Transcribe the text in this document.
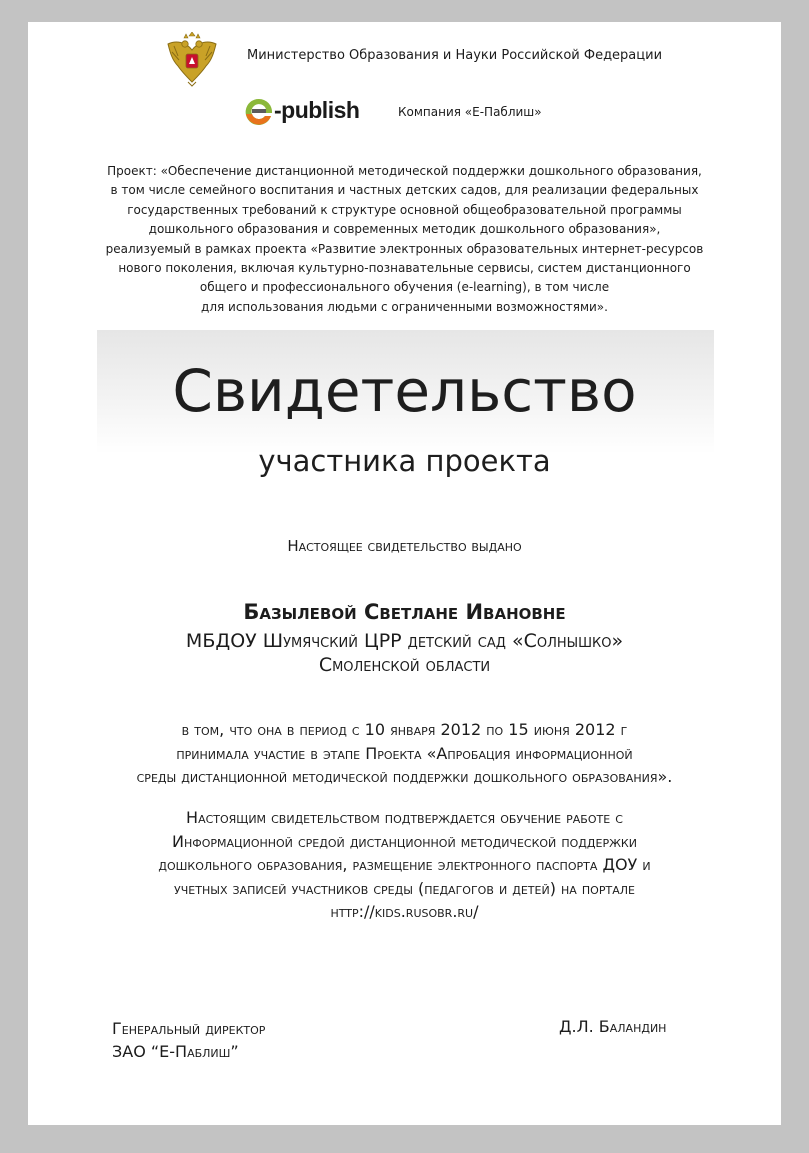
Министерство Образования и Науки Российской Федерации
-publish	Компания «Е-Паблиш»
Проект: «Обеспечение дистанционной методической поддержки дошкольного образования,
в том числе семейного воспитания и частных детских садов, для реализации федеральных
государственных требований к структуре основной общеобразовательной программы
дошкольного образования и современных методик дошкольного образования»,
реализуемый в рамках проекта «Развитие электронных образовательных интернет-ресурсов
нового поколения, включая культурно-познавательные сервисы, систем дистанционного
общего и профессионального обучения (e-learning), в том числе
для использования людьми с ограниченными возможностями».
Свидетельство
участника проекта
Настоящее свидетельство выдано
Базылевой Светлане Ивановне
МБДОУ Шумячский ЦРР детский сад «Солнышко»
Смоленской области
в том, что она в период с 10 января 2012 по 15 июня 2012 г
принимала участие в этапе Проекта «Апробация информационной
среды дистанционной методической поддержки дошкольного образования».
Настоящим свидетельством подтверждается обучение работе с
Информационной средой дистанционной методической поддержки
дошкольного образования, размещение электронного паспорта ДОУ и
учетных записей участников среды (педагогов и детей) на портале
http://kids.rusobr.ru/
Генеральный директор
ЗАО “Е-Паблиш”
Д.Л. Баландин
